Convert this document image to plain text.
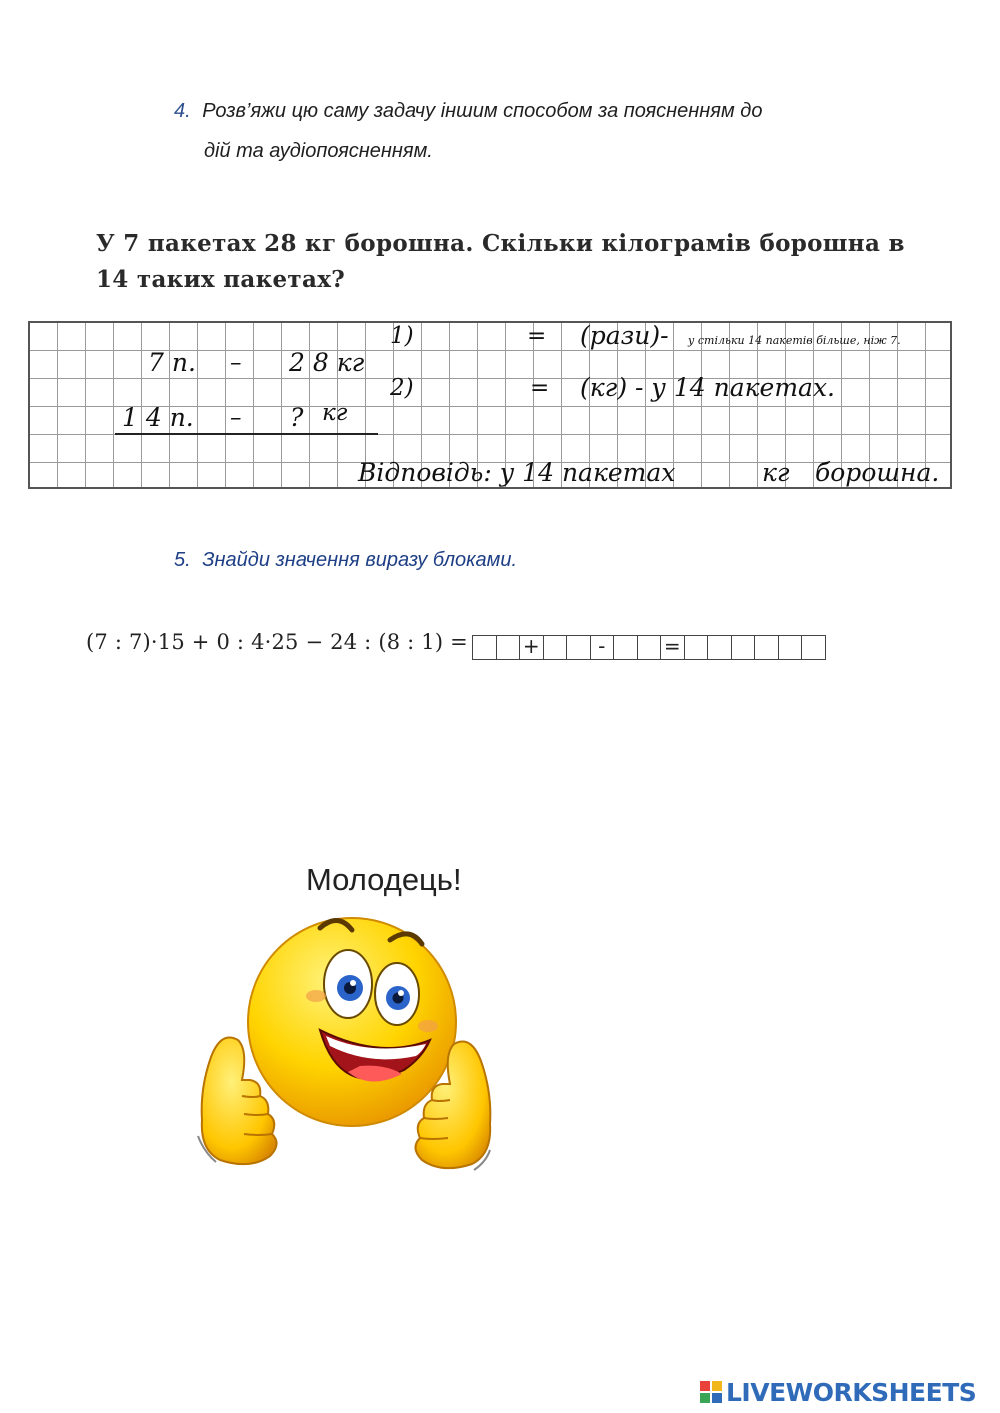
4. Розв’яжи цю саму задачу іншим способом за поясненням до
дій та аудіопоясненням.
У 7 пакетах 28 кг борошна. Скільки кілограмів борошна в
14 таких пакетах?
7 п. – 2 8 кг
1 4 п. – ? кг
1)	= (рази)- у стільки 14 пакетів більше, ніж 7.
2)	= (кг) - у 14 пакетах.
Відповідь: у 14 пакетах	кг борошна.
5. Знайди значення виразу блоками.
(7 : 7)·15 + 0 : 4·25 − 24 : (8 : 1) =	+	-	=
Молодець!
LIVEWORKSHEETS
